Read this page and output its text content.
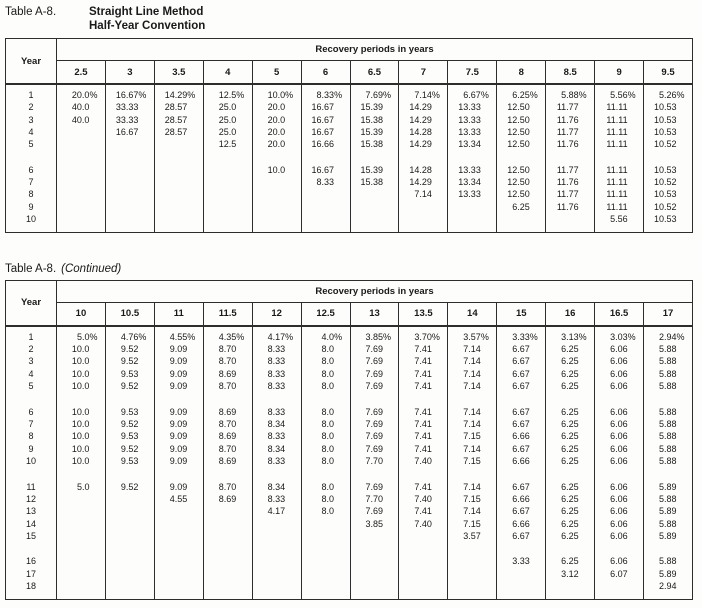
Table A-8.	Straight Line Method
Half-Year Convention
Year	Recovery periods in years												
	2.5	3	3.5	4	5	6	6.5	7	7.5	8	8.5	9	9.5

1	20.0%	16.67%	14.29%	12.5%	10.0%	8.33%	7.69%	7.14%	6.67%	6.25%	5.88%	5.56%	5.26%
2	40.0	33.33	28.57	25.0	20.0	16.67	15.39	14.29	13.33	12.50	11.77	11.11	10.53
3	40.0	33.33	28.57	25.0	20.0	16.67	15.38	14.29	13.33	12.50	11.76	11.11	10.53
4		16.67	28.57	25.0	20.0	16.67	15.39	14.28	13.33	12.50	11.77	11.11	10.53
5				12.5	20.0	16.66	15.38	14.29	13.34	12.50	11.76	11.11	10.52

6					10.0	16.67	15.39	14.28	13.33	12.50	11.77	11.11	10.53
7						8.33	15.38	14.29	13.34	12.50	11.76	11.11	10.52
8								7.14	13.33	12.50	11.77	11.11	10.53
9										6.25	11.76	11.11	10.52
10												5.56	10.53

Table A-8. (Continued)
Year	Recovery periods in years												
	10	10.5	11	11.5	12	12.5	13	13.5	14	15	16	16.5	17

1	5.0%	4.76%	4.55%	4.35%	4.17%	4.0%	3.85%	3.70%	3.57%	3.33%	3.13%	3.03%	2.94%
2	10.0	9.52	9.09	8.70	8.33	8.0	7.69	7.41	7.14	6.67	6.25	6.06	5.88
3	10.0	9.52	9.09	8.70	8.33	8.0	7.69	7.41	7.14	6.67	6.25	6.06	5.88
4	10.0	9.53	9.09	8.69	8.33	8.0	7.69	7.41	7.14	6.67	6.25	6.06	5.88
5	10.0	9.52	9.09	8.70	8.33	8.0	7.69	7.41	7.14	6.67	6.25	6.06	5.88

6	10.0	9.53	9.09	8.69	8.33	8.0	7.69	7.41	7.14	6.67	6.25	6.06	5.88
7	10.0	9.52	9.09	8.70	8.34	8.0	7.69	7.41	7.14	6.67	6.25	6.06	5.88
8	10.0	9.53	9.09	8.69	8.33	8.0	7.69	7.41	7.15	6.66	6.25	6.06	5.88
9	10.0	9.52	9.09	8.70	8.34	8.0	7.69	7.41	7.14	6.67	6.25	6.06	5.88
10	10.0	9.53	9.09	8.69	8.33	8.0	7.70	7.40	7.15	6.66	6.25	6.06	5.88

11	5.0	9.52	9.09	8.70	8.34	8.0	7.69	7.41	7.14	6.67	6.25	6.06	5.89
12			4.55	8.69	8.33	8.0	7.70	7.40	7.15	6.66	6.25	6.06	5.88
13					4.17	8.0	7.69	7.41	7.14	6.67	6.25	6.06	5.89
14							3.85	7.40	7.15	6.66	6.25	6.06	5.88
15									3.57	6.67	6.25	6.06	5.89

16										3.33	6.25	6.06	5.88
17											3.12	6.07	5.89
18													2.94
